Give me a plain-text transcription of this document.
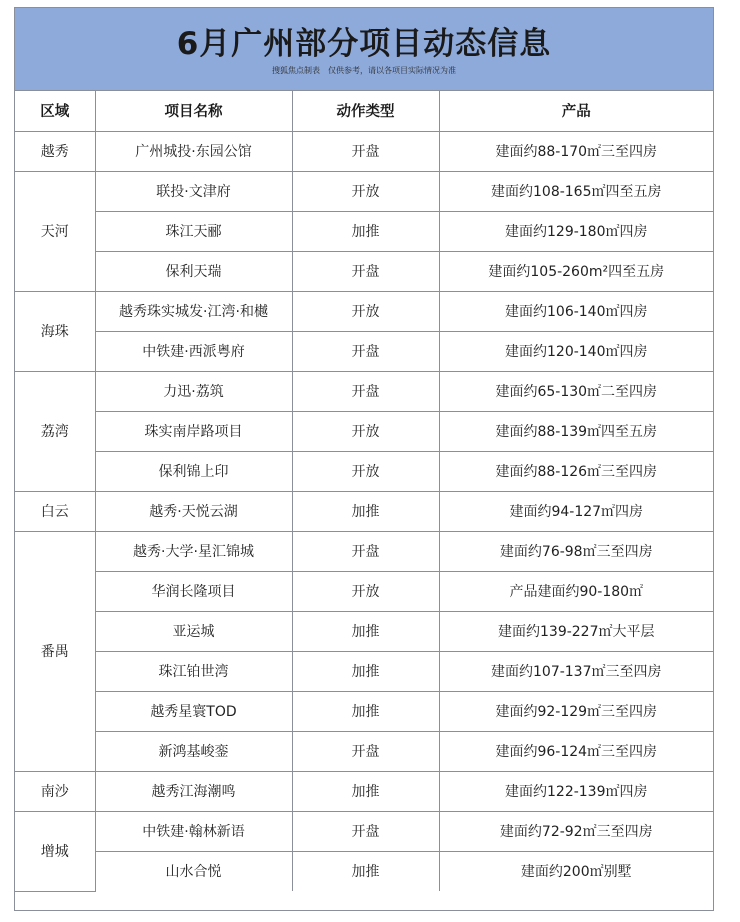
6月广州部分项目动态信息
搜狐焦点制表　仅供参考，请以各项目实际情况为准
区域	项目名称	动作类型	产品
越秀	广州城投·东园公馆	开盘	建面约88-170㎡三至四房
天河	联投·文津府	开放	建面约108-165㎡四至五房
	珠江天郦	加推	建面约129-180㎡四房
	保利天瑞	开盘	建面约105-260m²四至五房
海珠	越秀珠实城发·江湾·和樾	开放	建面约106-140㎡四房
	中铁建·西派粤府	开盘	建面约120-140㎡四房
荔湾	力迅·荔筑	开盘	建面约65-130㎡二至四房
	珠实南岸路项目	开放	建面约88-139㎡四至五房
	保利锦上印	开放	建面约88-126㎡三至四房
白云	越秀·天悦云湖	加推	建面约94-127㎡四房
番禺	越秀·大学·星汇锦城	开盘	建面约76-98㎡三至四房
	华润长隆项目	开放	产品建面约90-180㎡
	亚运城	加推	建面约139-227㎡大平层
	珠江铂世湾	加推	建面约107-137㎡三至四房
	越秀星寰TOD	加推	建面约92-129㎡三至四房
	新鸿基峻銮	开盘	建面约96-124㎡三至四房
南沙	越秀江海潮鸣	加推	建面约122-139㎡四房
增城	中铁建·翰林新语	开盘	建面约72-92㎡三至四房
	山水合悦	加推	建面约200㎡别墅
